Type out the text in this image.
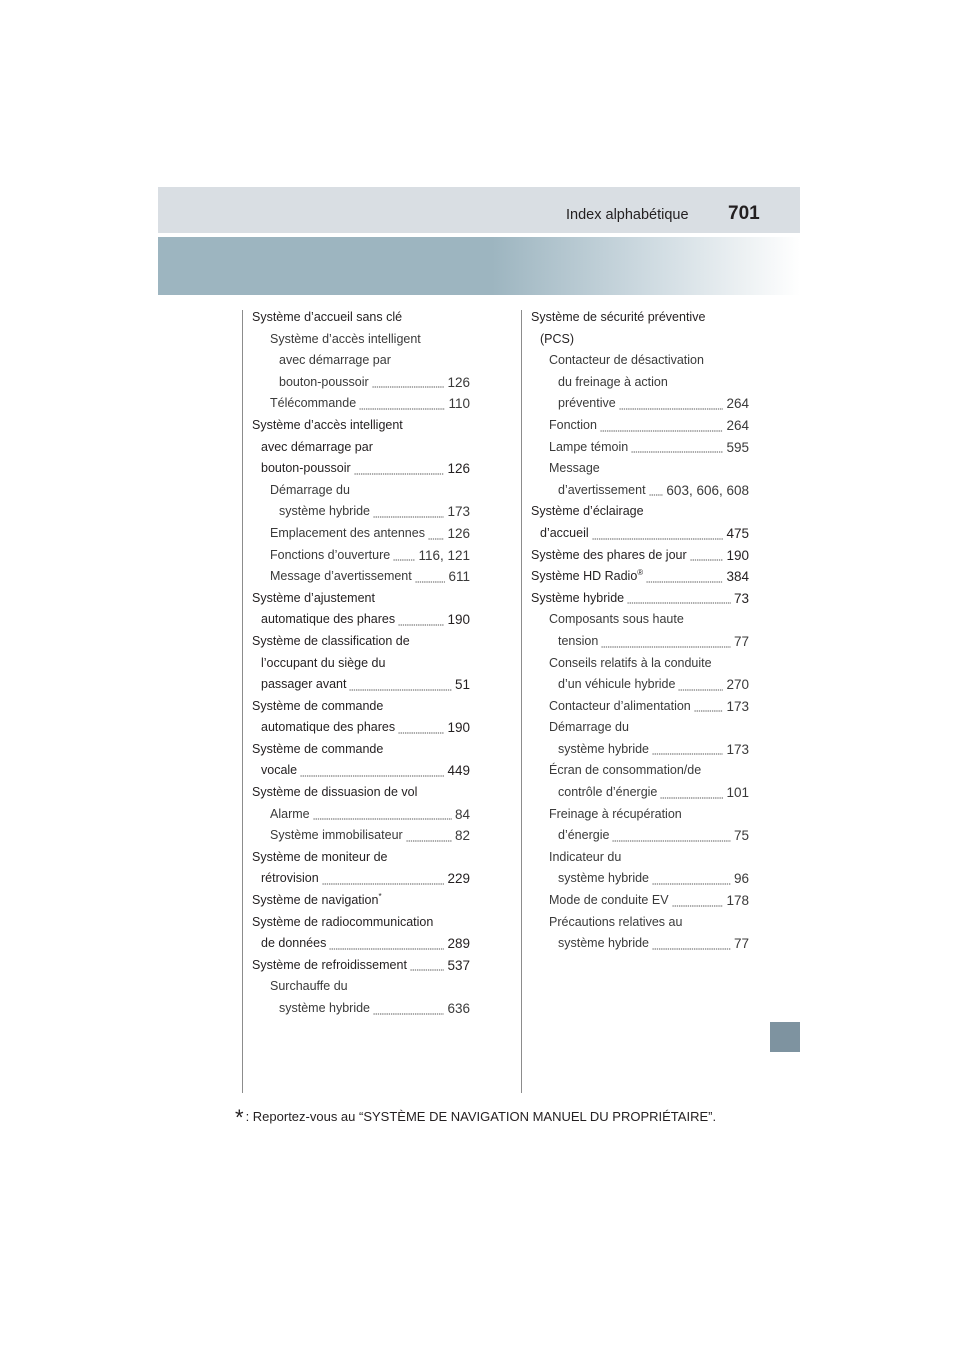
Index alphabétique 701
Système d’accueil sans clé
Système d’accès intelligent
avec démarrage par
bouton-poussoir	126
Télécommande	110
Système d’accès intelligent
avec démarrage par
bouton-poussoir	126
Démarrage du
système hybride	173
Emplacement des antennes 126
Fonctions d’ouverture 116, 121
Message d’avertissement	611
Système d’ajustement
automatique des phares	190
Système de classification de
l’occupant du siège du
passager avant	51
Système de commande
automatique des phares	190
Système de commande
vocale	449
Système de dissuasion de vol
Alarme	84
Système immobilisateur	82
Système de moniteur de
rétrovision	229
Système de navigation*
Système de radiocommunication
de données	289
Système de refroidissement	537
Surchauffe du
système hybride	636
Système de sécurité préventive
(PCS)
Contacteur de désactivation
du freinage à action
préventive	264
Fonction	264
Lampe témoin	595
Message
d’avertissement 603, 606, 608
Système d’éclairage
d’accueil	475
Système des phares de jour	190
Système HD Radio®	384
Système hybride	73
Composants sous haute
tension	77
Conseils relatifs à la conduite
d’un véhicule hybride	270
Contacteur d’alimentation	173
Démarrage du
système hybride	173
Écran de consommation/de
contrôle d’énergie	101
Freinage à récupération
d’énergie	75
Indicateur du
système hybride	96
Mode de conduite EV	178
Précautions relatives au
système hybride	77
* : Reportez-vous au “SYSTÈME DE NAVIGATION MANUEL DU PROPRIÉTAIRE”.
